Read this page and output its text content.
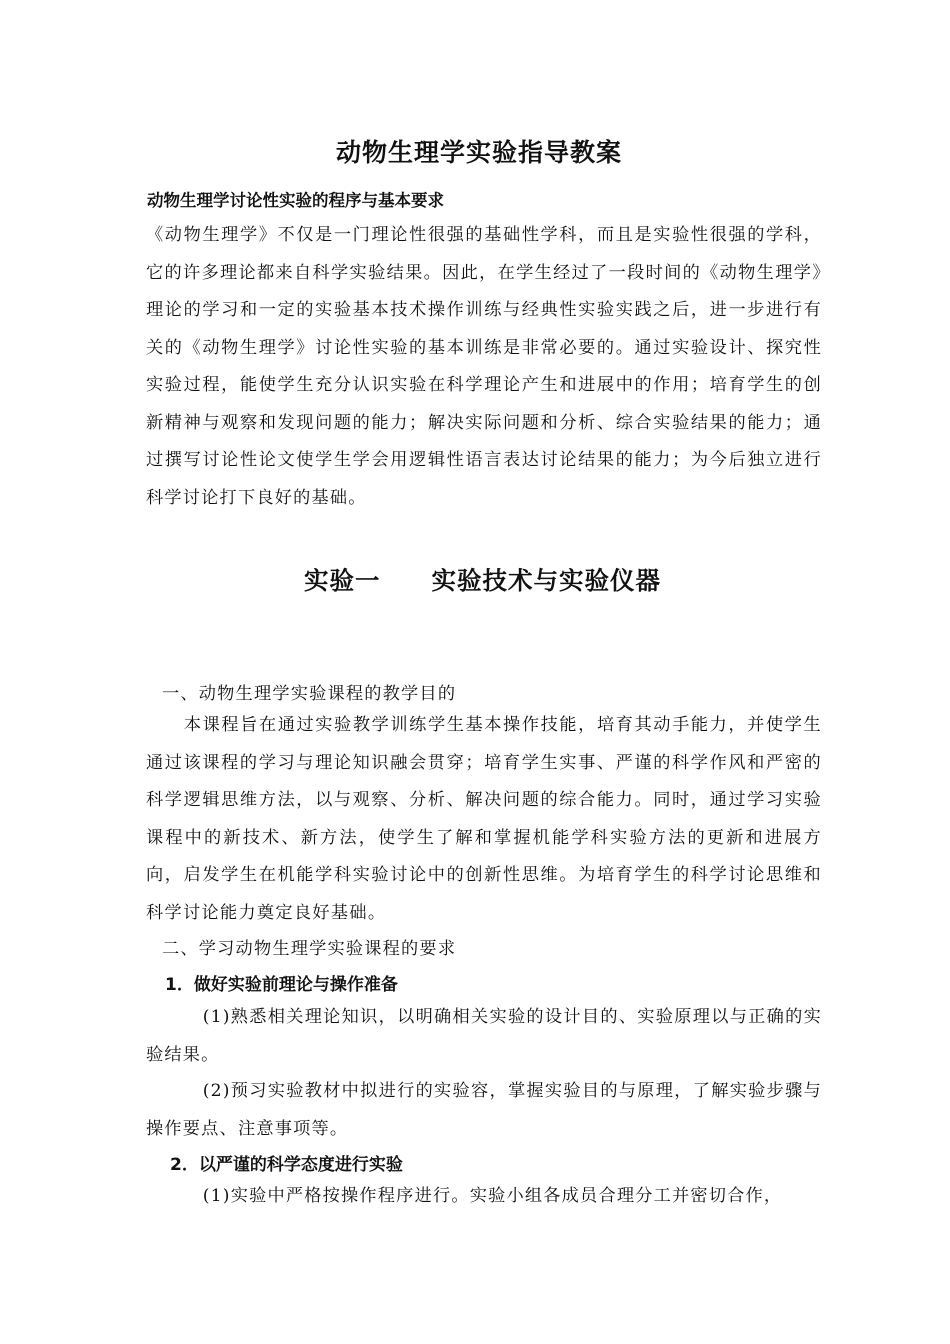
动物生理学实验指导教案
动物生理学讨论性实验的程序与基本要求

《动物生理学》不仅是一门理论性很强的基础性学科，而且是实验性很强的学科，它的许多理论都来自科学实验结果。因此，在学生经过了一段时间的《动物生理学》理论的学习和一定的实验基本技术操作训练与经典性实验实践之后，进一步进行有关的《动物生理学》讨论性实验的基本训练是非常必要的。通过实验设计、探究性实验过程，能使学生充分认识实验在科学理论产生和进展中的作用；培育学生的创新精神与观察和发现问题的能力；解决实际问题和分析、综合实验结果的能力；通过撰写讨论性论文使学生学会用逻辑性语言表达讨论结果的能力；为今后独立进行科学讨论打下良好的基础。

实验一　　实验技术与实验仪器
一、动物生理学实验课程的教学目的

本课程旨在通过实验教学训练学生基本操作技能，培育其动手能力，并使学生通过该课程的学习与理论知识融会贯穿；培育学生实事、严谨的科学作风和严密的科学逻辑思维方法，以与观察、分析、解决问题的综合能力。同时，通过学习实验课程中的新技术、新方法，使学生了解和掌握机能学科实验方法的更新和进展方向，启发学生在机能学科实验讨论中的创新性思维。为培育学生的科学讨论思维和科学讨论能力奠定良好基础。

二、学习动物生理学实验课程的要求
1．做好实验前理论与操作准备

(1)熟悉相关理论知识，以明确相关实验的设计目的、实验原理以与正确的实验结果。

(2)预习实验教材中拟进行的实验容，掌握实验目的与原理，了解实验步骤与操作要点、注意事项等。

2．以严谨的科学态度进行实验

(1)实验中严格按操作程序进行。实验小组各成员合理分工并密切合作，
